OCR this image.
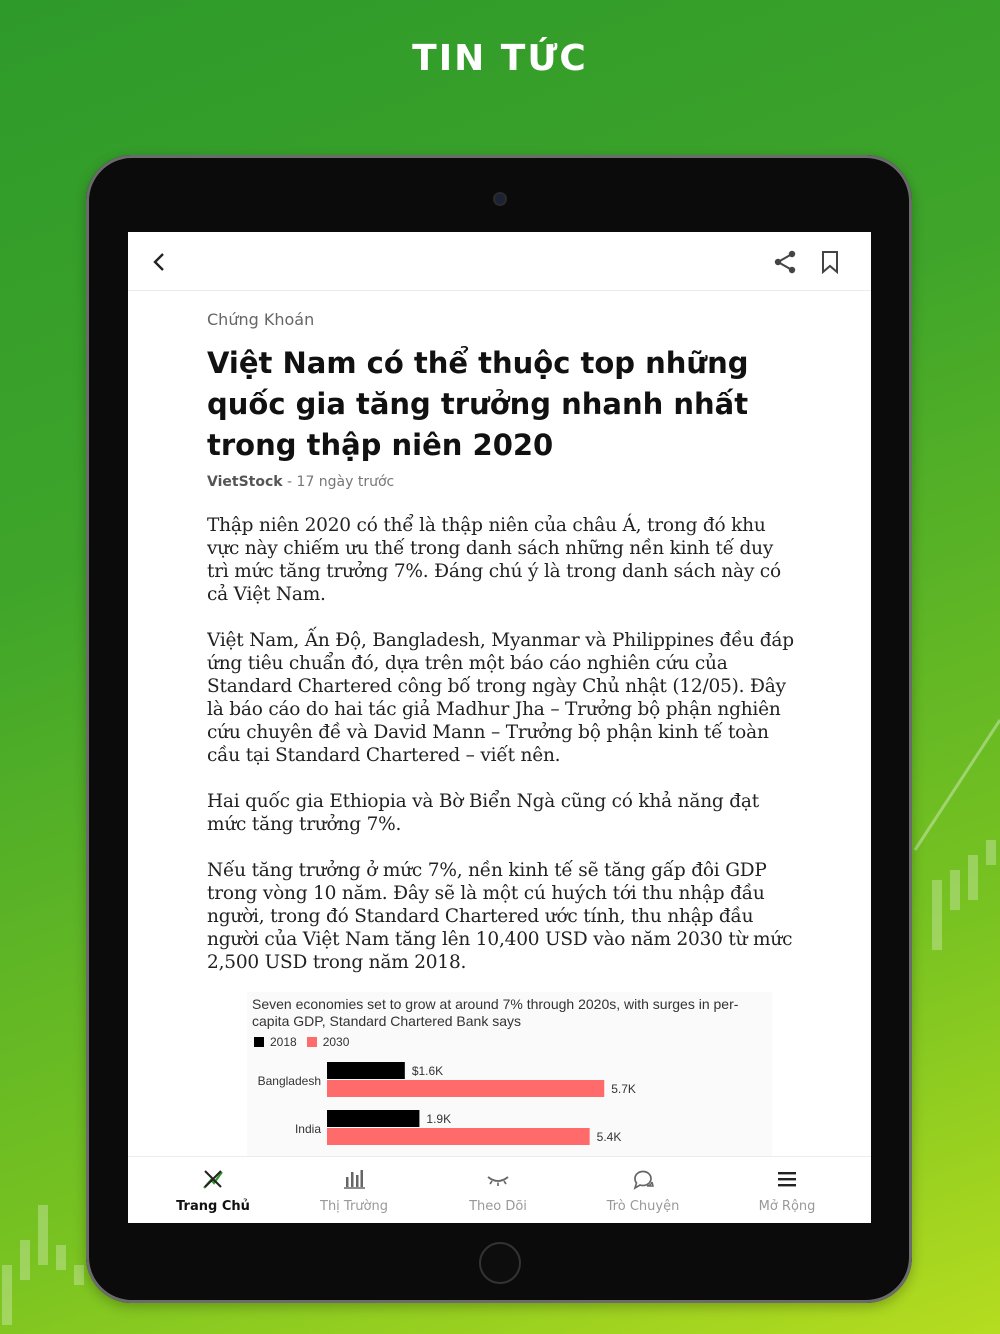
TIN TỨC
Chứng Khoán
Việt Nam có thể thuộc top những quốc gia tăng trưởng nhanh nhất trong thập niên 2020
VietStock - 17 ngày trước

Thập niên 2020 có thể là thập niên của châu Á, trong đó khu vực này chiếm ưu thế trong danh sách những nền kinh tế duy trì mức tăng trưởng 7%. Đáng chú ý là trong danh sách này có cả Việt Nam.

Việt Nam, Ấn Độ, Bangladesh, Myanmar và Philippines đều đáp ứng tiêu chuẩn đó, dựa trên một báo cáo nghiên cứu của Standard Chartered công bố trong ngày Chủ nhật (12/05). Đây là báo cáo do hai tác giả Madhur Jha – Trưởng bộ phận nghiên cứu chuyên đề và David Mann – Trưởng bộ phận kinh tế toàn cầu tại Standard Chartered – viết nên.

Hai quốc gia Ethiopia và Bờ Biển Ngà cũng có khả năng đạt mức tăng trưởng 7%.

Nếu tăng trưởng ở mức 7%, nền kinh tế sẽ tăng gấp đôi GDP trong vòng 10 năm. Đây sẽ là một cú huých tới thu nhập đầu người, trong đó Standard Chartered ước tính, thu nhập đầu người của Việt Nam tăng lên 10,400 USD vào năm 2030 từ mức 2,500 USD trong năm 2018.

Seven economies set to grow at around 7% through 2020s, with surges in per-capita GDP, Standard Chartered Bank says
2018	2030
Bangladesh
$1.6K
5.7K
India
1.9K
5.4K
Trang Chủ	Thị Trường	Theo Dõi	Trò Chuyện	Mở Rộng
